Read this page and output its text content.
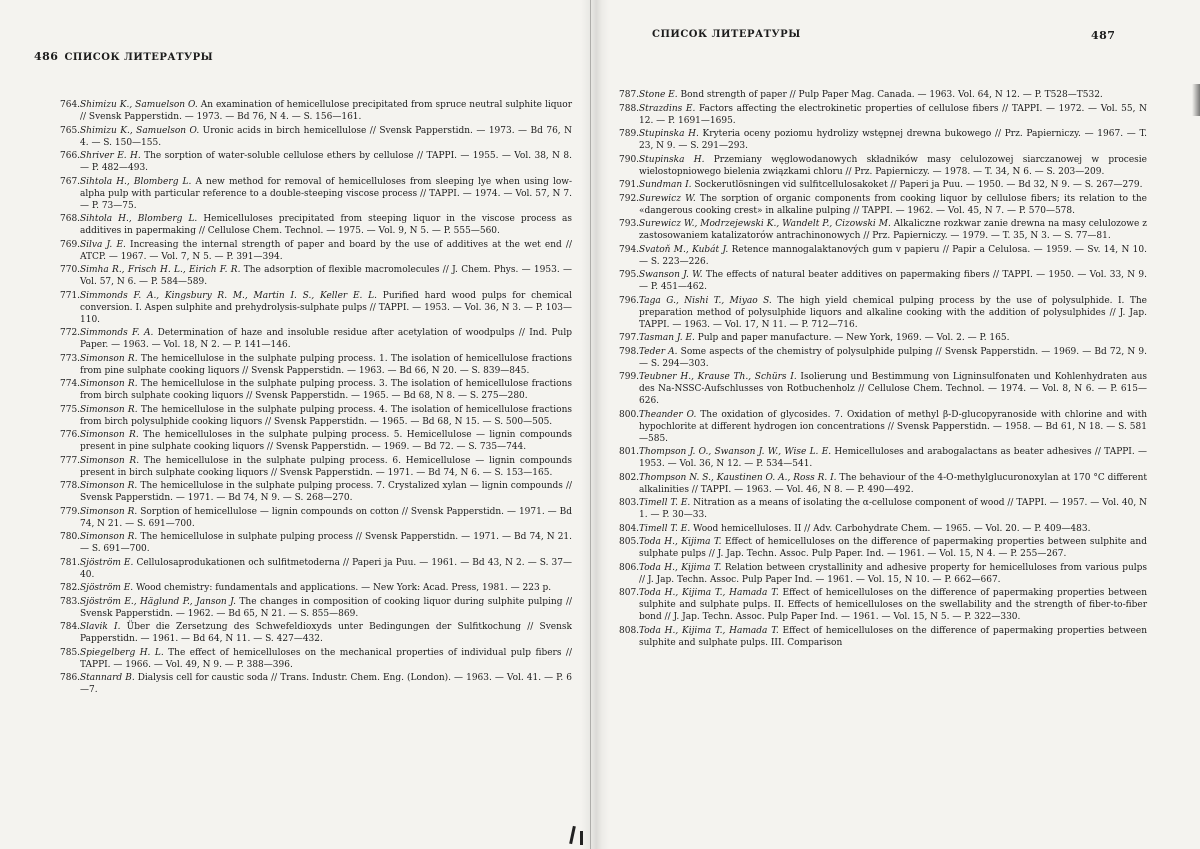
486 СПИСОК ЛИТЕРАТУРЫ
764. Shimizu K., Samuelson O. An examination of hemicellulose precipitated from spruce neutral sulphite liquor // Svensk Papperstidn. — 1973. — Bd 76, N 4. — S. 156—161.
765. Shimizu K., Samuelson O. Uronic acids in birch hemicellulose // Svensk Papperstidn. — 1973. — Bd 76, N 4. — S. 150—155.
766. Shriver E. H. The sorption of water-soluble cellulose ethers by cellulose // TAPPI. — 1955. — Vol. 38, N 8. — P. 482—493.
767. Sihtola H., Blomberg L. A new method for removal of hemicelluloses from sleeping lye when using low-alpha pulp with particular reference to a double-steeping viscose process // TAPPI. — 1974. — Vol. 57, N 7. — P. 73—75.
768. Sihtola H., Blomberg L. Hemicelluloses precipitated from steeping liquor in the viscose process as additives in papermaking // Cellulose Chem. Technol. — 1975. — Vol. 9, N 5. — P. 555—560.
769. Silva J. E. Increasing the internal strength of paper and board by the use of additives at the wet end // ATCP. — 1967. — Vol. 7, N 5. — P. 391—394.
770. Simha R., Frisch H. L., Eirich F. R. The adsorption of flexible macromolecules // J. Chem. Phys. — 1953. — Vol. 57, N 6. — P. 584—589.
771. Simmonds F. A., Kingsbury R. M., Martin I. S., Keller E. L. Purified hard wood pulps for chemical conversion. I. Aspen sulphite and prehydrolysis-sulphate pulps // TAPPI. — 1953. — Vol. 36, N 3. — P. 103—110.
772. Simmonds F. A. Determination of haze and insoluble residue after acetylation of woodpulps // Ind. Pulp Paper. — 1963. — Vol. 18, N 2. — P. 141—146.
773. Simonson R. The hemicellulose in the sulphate pulping process. 1. The isolation of hemicellulose fractions from pine sulphate cooking liquors // Svensk Papperstidn. — 1963. — Bd 66, N 20. — S. 839—845.
774. Simonson R. The hemicellulose in the sulphate pulping process. 3. The isolation of hemicellulose fractions from birch sulphate cooking liquors // Svensk Papperstidn. — 1965. — Bd 68, N 8. — S. 275—280.
775. Simonson R. The hemicellulose in the sulphate pulping process. 4. The isolation of hemicellulose fractions from birch polysulphide cooking liquors // Svensk Papperstidn. — 1965. — Bd 68, N 15. — S. 500—505.
776. Simonson R. The hemicelluloses in the sulphate pulping process. 5. Hemicellulose — lignin compounds present in pine sulphate cooking liquors // Svensk Papperstidn. — 1969. — Bd 72. — S. 735—744.
777. Simonson R. The hemicellulose in the sulphate pulping process. 6. Hemicellulose — lignin compounds present in birch sulphate cooking liquors // Svensk Papperstidn. — 1971. — Bd 74, N 6. — S. 153—165.
778. Simonson R. The hemicellulose in the sulphate pulping process. 7. Crystalized xylan — lignin compounds // Svensk Papperstidn. — 1971. — Bd 74, N 9. — S. 268—270.
779. Simonson R. Sorption of hemicellulose — lignin compounds on cotton // Svensk Papperstidn. — 1971. — Bd 74, N 21. — S. 691—700.
780. Simonson R. The hemicellulose in sulphate pulping process // Svensk Papperstidn. — 1971. — Bd 74, N 21. — S. 691—700.
781. Sjöström E. Cellulosaprodukationen och sulfitmetoderna // Paperi ja Puu. — 1961. — Bd 43, N 2. — S. 37—40.
782. Sjöström E. Wood chemistry: fundamentals and applications. — New York: Acad. Press, 1981. — 223 p.
783. Sjöström E., Häglund P., Janson J. The changes in composition of cooking liquor during sulphite pulping // Svensk Papperstidn. — 1962. — Bd 65, N 21. — S. 855—869.
784. Slavik I. Über die Zersetzung des Schwefeldioxyds unter Bedingungen der Sulfitkochung // Svensk Papperstidn. — 1961. — Bd 64, N 11. — S. 427—432.
785. Spiegelberg H. L. The effect of hemicelluloses on the mechanical properties of individual pulp fibers // TAPPI. — 1966. — Vol. 49, N 9. — P. 388—396.
786. Stannard B. Dialysis cell for caustic soda // Trans. Industr. Chem. Eng. (London). — 1963. — Vol. 41. — P. 6—7.
СПИСОК ЛИТЕРАТУРЫ	487
787. Stone E. Bond strength of paper // Pulp Paper Mag. Canada. — 1963. Vol. 64, N 12. — P. T528—T532.
788. Strazdins E. Factors affecting the electrokinetic properties of cellulose fibers // TAPPI. — 1972. — Vol. 55, N 12. — P. 1691—1695.
789. Stupinska H. Kryteria oceny poziomu hydrolizy wstępnej drewna bukowego // Prz. Papierniczy. — 1967. — T. 23, N 9. — S. 291—293.
790. Stupinska H. Przemiany węglowodanowych składników masy celulozowej siarczanowej w procesie wielostopniowego bielenia związkami chloru // Prz. Papierniczy. — 1978. — T. 34, N 6. — S. 203—209.
791. Sundman I. Sockerutlösningen vid sulfitcellulosakoket // Paperi ja Puu. — 1950. — Bd 32, N 9. — S. 267—279.
792. Surewicz W. The sorption of organic components from cooking liquor by cellulose fibers; its relation to the «dangerous cooking crest» in alkaline pulping // TAPPI. — 1962. — Vol. 45, N 7. — P. 570—578.
793. Surewicz W., Modrzejewski K., Wandelt P., Cizowski M. Alkaliczne rozkwar zanie drewna na masy celulozowe z zastosowaniem katalizatorów antrachinonowych // Prz. Papierniczy. — 1979. — T. 35, N 3. — S. 77—81.
794. Svatoň M., Kubát J. Retence mannogalaktanových gum v papieru // Papir a Celulosa. — 1959. — Sv. 14, N 10. — S. 223—226.
795. Swanson J. W. The effects of natural beater additives on papermaking fibers // TAPPI. — 1950. — Vol. 33, N 9. — P. 451—462.
796. Taga G., Nishi T., Miyao S. The high yield chemical pulping process by the use of polysulphide. I. The preparation method of polysulphide liquors and alkaline cooking with the addition of polysulphides // J. Jap. TAPPI. — 1963. — Vol. 17, N 11. — P. 712—716.
797. Tasman J. E. Pulp and paper manufacture. — New York, 1969. — Vol. 2. — P. 165.
798. Teder A. Some aspects of the chemistry of polysulphide pulping // Svensk Papperstidn. — 1969. — Bd 72, N 9. — S. 294—303.
799. Teubner H., Krause Th., Schürs I. Isolierung und Bestimmung von Ligninsulfonaten und Kohlenhydraten aus des Na-NSSC-Aufschlusses von Rotbuchenholz // Cellulose Chem. Technol. — 1974. — Vol. 8, N 6. — P. 615—626.
800. Theander O. The oxidation of glycosides. 7. Oxidation of methyl β-D-glucopyranoside with chlorine and with hypochlorite at different hydrogen ion concentrations // Svensk Papperstidn. — 1958. — Bd 61, N 18. — S. 581—585.
801. Thompson J. O., Swanson J. W., Wise L. E. Hemicelluloses and arabogalactans as beater adhesives // TAPPI. — 1953. — Vol. 36, N 12. — P. 534—541.
802. Thompson N. S., Kaustinen O. A., Ross R. I. The behaviour of the 4-O-methylglucuronoxylan at 170 °C different alkalinities // TAPPI. — 1963. — Vol. 46, N 8. — P. 490—492.
803. Timell T. E. Nitration as a means of isolating the α-cellulose component of wood // TAPPI. — 1957. — Vol. 40, N 1. — P. 30—33.
804. Timell T. E. Wood hemicelluloses. II // Adv. Carbohydrate Chem. — 1965. — Vol. 20. — P. 409—483.
805. Toda H., Kijima T. Effect of hemicelluloses on the difference of papermaking properties between sulphite and sulphate pulps // J. Jap. Techn. Assoc. Pulp Paper. Ind. — 1961. — Vol. 15, N 4. — P. 255—267.
806. Toda H., Kijima T. Relation between crystallinity and adhesive property for hemicelluloses from various pulps // J. Jap. Techn. Assoc. Pulp Paper Ind. — 1961. — Vol. 15, N 10. — P. 662—667.
807. Toda H., Kijima T., Hamada T. Effect of hemicelluloses on the difference of papermaking properties between sulphite and sulphate pulps. II. Effects of hemicelluloses on the swellability and the strength of fiber-to-fiber bond // J. Jap. Techn. Assoc. Pulp Paper Ind. — 1961. — Vol. 15, N 5. — P. 322—330.
808. Toda H., Kijima T., Hamada T. Effect of hemicelluloses on the difference of papermaking properties between sulphite and sulphate pulps. III. Comparison
